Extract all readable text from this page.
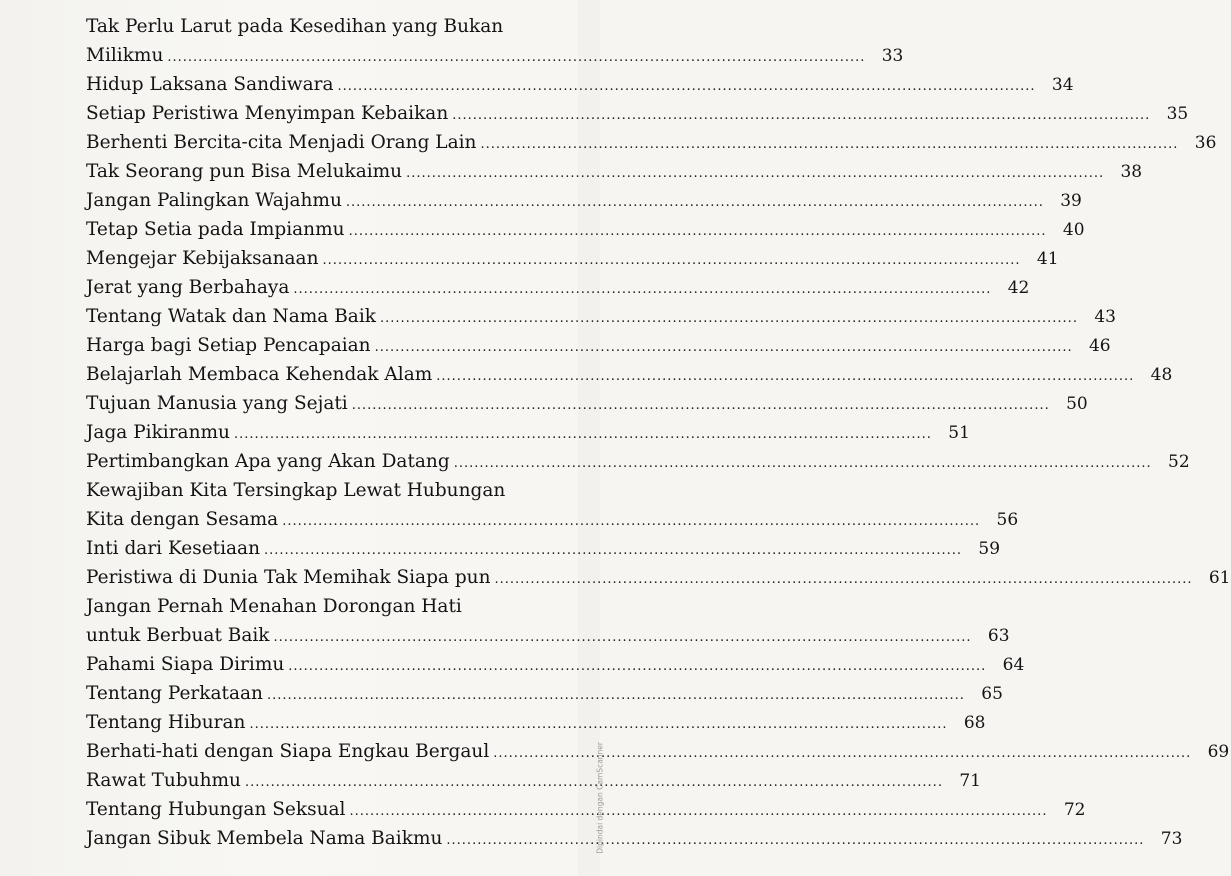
Tak Perlu Larut pada Kesedihan yang Bukan
Milikmu .....	33
Hidup Laksana Sandiwara .....	34
Setiap Peristiwa Menyimpan Kebaikan .....	35
Berhenti Bercita-cita Menjadi Orang Lain .....	36
Tak Seorang pun Bisa Melukaimu .....	38
Jangan Palingkan Wajahmu .....	39
Tetap Setia pada Impianmu .....	40
Mengejar Kebijaksanaan .....	41
Jerat yang Berbahaya .....	42
Tentang Watak dan Nama Baik .....	43
Harga bagi Setiap Pencapaian .....	46
Belajarlah Membaca Kehendak Alam .....	48
Tujuan Manusia yang Sejati .....	50
Jaga Pikiranmu .....	51
Pertimbangkan Apa yang Akan Datang .....	52
Kewajiban Kita Tersingkap Lewat Hubungan
Kita dengan Sesama .....	56
Inti dari Kesetiaan .....	59
Peristiwa di Dunia Tak Memihak Siapa pun .....	61
Jangan Pernah Menahan Dorongan Hati
untuk Berbuat Baik .....	63
Pahami Siapa Dirimu .....	64
Tentang Perkataan .....	65
Tentang Hiburan .....	68
Berhati-hati dengan Siapa Engkau Bergaul .....	69
Rawat Tubuhmu .....	71
Tentang Hubungan Seksual .....	72
Jangan Sibuk Membela Nama Baikmu .....	73
Dipindai dengan CamScanner
